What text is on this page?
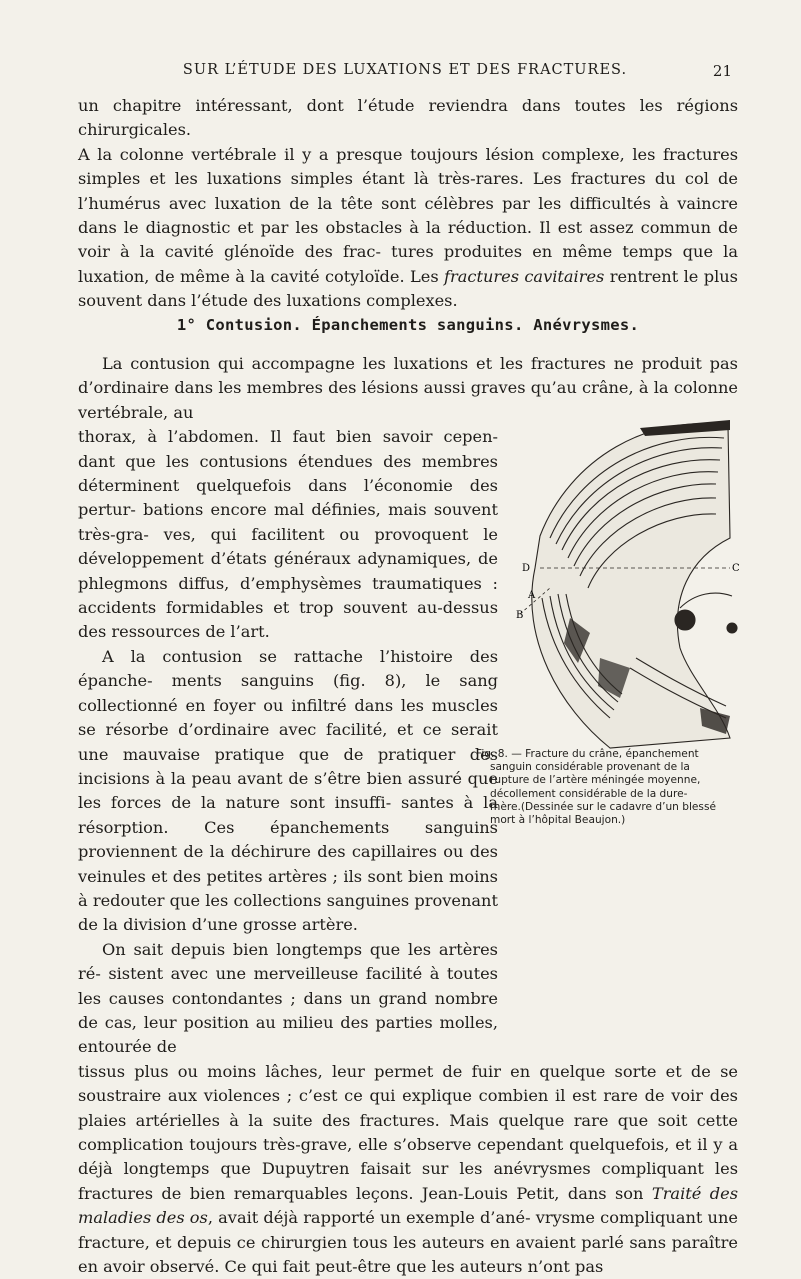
SUR L’ÉTUDE DES LUXATIONS ET DES FRACTURES.	21

un chapitre intéressant, dont l’étude reviendra dans toutes les régions chirurgicales.

A la colonne vertébrale il y a presque toujours lésion complexe, les fractures simples et les luxations simples étant là très-rares. Les fractures du col de l’humérus avec luxation de la tête sont célèbres par les difficultés à vaincre dans le diagnostic et par les obstacles à la réduction. Il est assez commun de voir à la cavité glénoïde des frac- tures produites en même temps que la luxation, de même à la cavité cotyloïde. Les fractures cavitaires rentrent le plus souvent dans l’étude des luxations complexes.
1° Contusion. Épanchements sanguins. Anévrysmes.

La contusion qui accompagne les luxations et les fractures ne produit pas d’ordinaire dans les membres des lésions aussi graves qu’au crâne, à la colonne vertébrale, au

thorax, à l’abdomen. Il faut bien savoir cepen- dant que les contusions étendues des membres déterminent quelquefois dans l’économie des pertur- bations encore mal définies, mais souvent très-gra- ves, qui facilitent ou provoquent le développement d’états généraux adynamiques, de phlegmons diffus, d’emphysèmes traumatiques : accidents formidables et trop souvent au-dessus des ressources de l’art.

A la contusion se rattache l’histoire des épanche- ments sanguins (fig. 8), le sang collectionné en foyer ou infiltré dans les muscles se résorbe d’ordinaire avec facilité, et ce serait une mauvaise pratique que de pratiquer des incisions à la peau avant de s’être bien assuré que les forces de la nature sont insuffi- santes à la résorption. Ces épanchements sanguins proviennent de la déchirure des capillaires ou des veinules et des petites artères ; ils sont bien moins à redouter que les collections sanguines provenant de la division d’une grosse artère.

On sait depuis bien longtemps que les artères ré- sistent avec une merveilleuse facilité à toutes les causes contondantes ; dans un grand nombre de cas, leur position au milieu des parties molles, entourée de

tissus plus ou moins lâches, leur permet de fuir en quelque sorte et de se soustraire aux violences ; c’est ce qui explique combien il est rare de voir des plaies artérielles à la suite des fractures. Mais quelque rare que soit cette complication toujours très-grave, elle s’observe cependant quelquefois, et il y a déjà longtemps que Dupuytren faisait sur les anévrysmes compliquant les fractures de bien remarquables leçons. Jean-Louis Petit, dans son Traité des maladies des os, avait déjà rapporté un exemple d’ané- vrysme compliquant une fracture, et depuis ce chirurgien tous les auteurs en avaient parlé sans paraître en avoir observé. Ce qui fait peut-être que les auteurs n’ont pas
D	C
A
B
Fig. 8. — Fracture du crâne, épanchement
sanguin considérable provenant de la
rupture de l’artère méningée moyenne,
décollement considérable de la dure-
mère.(Dessinée sur le cadavre d’un blessé
mort à l’hôpital Beaujon.)
